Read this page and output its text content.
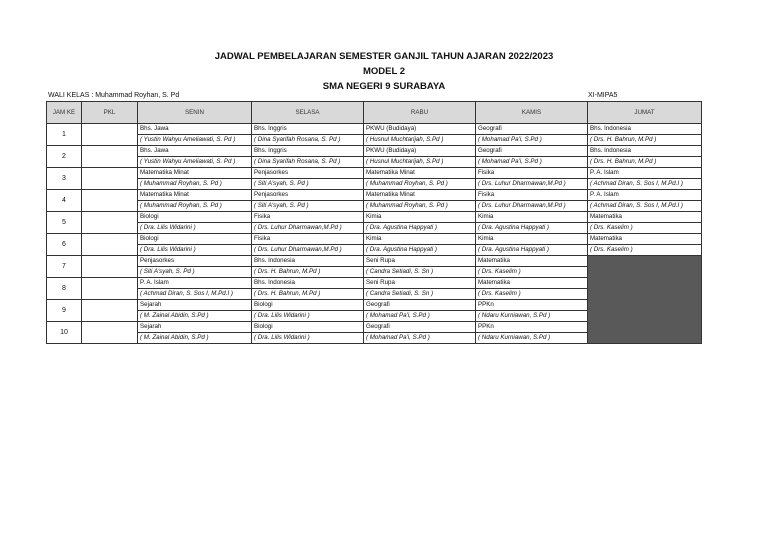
JADWAL PEMBELAJARAN SEMESTER GANJIL TAHUN AJARAN 2022/2023
MODEL 2
SMA NEGERI 9 SURABAYA
WALI KELAS : Muhammad Royhan, S. Pd	XI-MIPA5
JAM KE	PKL	SENIN	SELASA	RABU	KAMIS	JUMAT
1		Bhs. Jawa	Bhs. Inggris	PKWU (Budidaya)	Geografi	Bhs. Indonesia
		( Yustin Wahyu Ameliawati, S. Pd )	( Dina Syarifah Rosana, S. Pd )	( Husnul Muchtarijah, S.Pd )	( Mohamad Pa'i, S.Pd )	( Drs. H. Bahrun, M.Pd )
2		Bhs. Jawa	Bhs. Inggris	PKWU (Budidaya)	Geografi	Bhs. Indonesia
		( Yustin Wahyu Ameliawati, S. Pd )	( Dina Syarifah Rosana, S. Pd )	( Husnul Muchtarijah, S.Pd )	( Mohamad Pa'i, S.Pd )	( Drs. H. Bahrun, M.Pd )
3		Matematika Minat	Penjasorkes	Matematika Minat	Fisika	P. A. Islam
		( Muhammad Royhan, S. Pd )	( Siti A'syah, S. Pd )	( Muhammad Royhan, S. Pd )	( Drs. Luhur Dharmawan,M.Pd )	( Achmad Diran, S. Sos I, M.Pd.I )
4		Matematika Minat	Penjasorkes	Matematika Minat	Fisika	P. A. Islam
		( Muhammad Royhan, S. Pd )	( Siti A'syah, S. Pd )	( Muhammad Royhan, S. Pd )	( Drs. Luhur Dharmawan,M.Pd )	( Achmad Diran, S. Sos I, M.Pd.I )
5		Biologi	Fisika	Kimia	Kimia	Matematika
		( Dra. Lilis Widarini )	( Drs. Luhur Dharmawan,M.Pd )	( Dra. Agustina Happyati )	( Dra. Agustina Happyati )	( Drs. Kaselim )
6		Biologi	Fisika	Kimia	Kimia	Matematika
		( Dra. Lilis Widarini )	( Drs. Luhur Dharmawan,M.Pd )	( Dra. Agustina Happyati )	( Dra. Agustina Happyati )	( Drs. Kaselim )
7		Penjasorkes	Bhs. Indonesia	Seni Rupa	Matematika	
		( Siti A'syah, S. Pd )	( Drs. H. Bahrun, M.Pd )	( Candra Setiadi, S. Sn )	( Drs. Kaselim )	
8		P. A. Islam	Bhs. Indonesia	Seni Rupa	Matematika	
		( Achmad Diran, S. Sos I, M.Pd.I )	( Drs. H. Bahrun, M.Pd )	( Candra Setiadi, S. Sn )	( Drs. Kaselim )	
9		Sejarah	Biologi	Geografi	PPKn	
		( M. Zainal Abidin, S.Pd )	( Dra. Lilis Widarini )	( Mohamad Pa'i, S.Pd )	( Ndaru Kurniawan, S.Pd )	
10		Sejarah	Biologi	Geografi	PPKn	
		( M. Zainal Abidin, S.Pd )	( Dra. Lilis Widarini )	( Mohamad Pa'i, S.Pd )	( Ndaru Kurniawan, S.Pd )	
